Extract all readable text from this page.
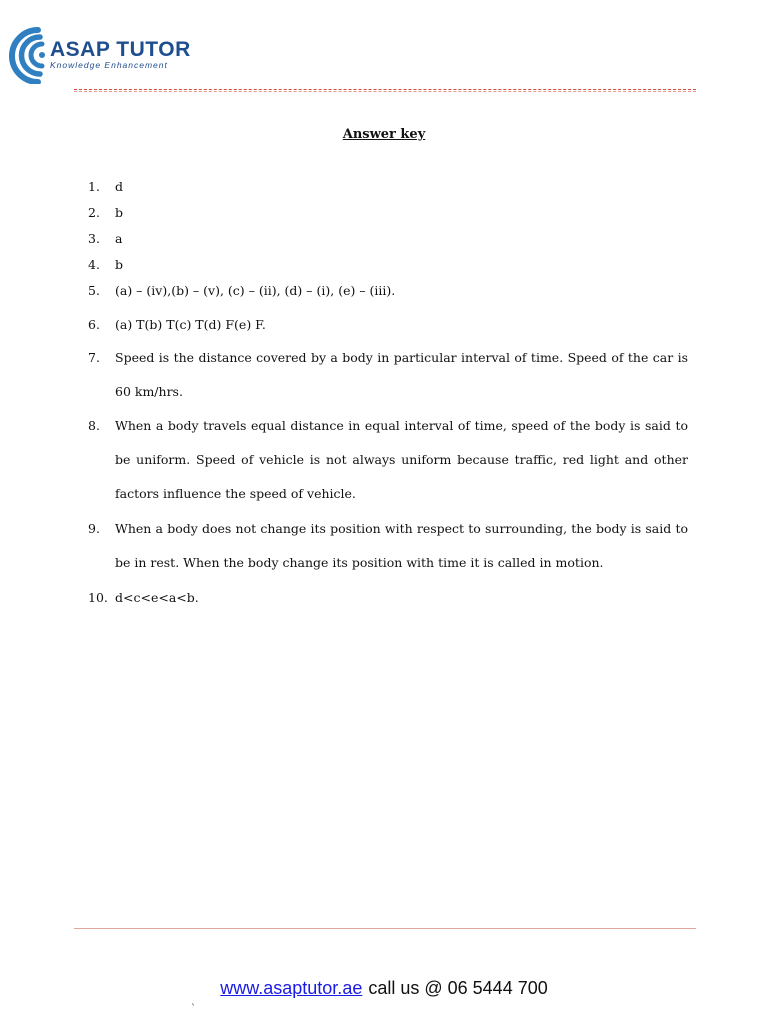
ASAP TUTOR
Knowledge Enhancement
Answer key
1.	d
2.	b
3.	a
4.	b
5.	(a) – (iv),(b) – (v), (c) – (ii), (d) – (i), (e) – (iii).
6.	(a) T(b) T(c) T(d) F(e) F.
7.	Speed is the distance covered by a body in particular interval of time. Speed of the car is 60 km/hrs.
8.	When a body travels equal distance in equal interval of time, speed of the body is said to be uniform. Speed of vehicle is not always uniform because traffic, red light and other factors influence the speed of vehicle.
9.	When a body does not change its position with respect to surrounding, the body is said to be in rest. When the body change its position with time it is called in motion.
10. d<c<e<a<b.
www.asaptutor.ae call us @ 06 5444 700
`
